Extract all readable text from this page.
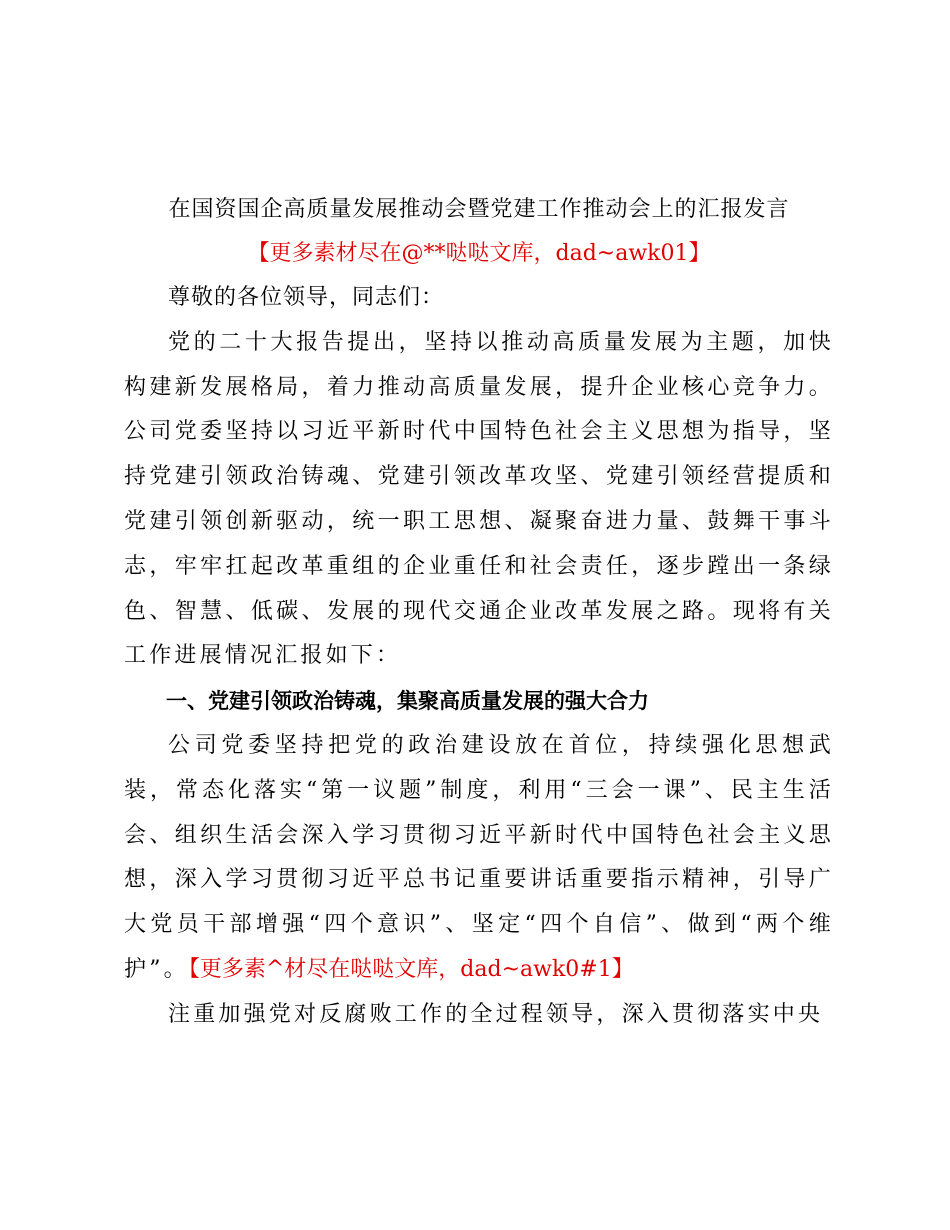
在国资国企高质量发展推动会暨党建工作推动会上的汇报发言
【更多素材尽在@**哒哒文库，dad~awk01】

尊敬的各位领导，同志们：

党的二十大报告提出，坚持以推动高质量发展为主题，加快构建新发展格局，着力推动高质量发展，提升企业核心竞争力。公司党委坚持以习近平新时代中国特色社会主义思想为指导，坚持党建引领政治铸魂、党建引领改革攻坚、党建引领经营提质和党建引领创新驱动，统一职工思想、凝聚奋进力量、鼓舞干事斗志，牢牢扛起改革重组的企业重任和社会责任，逐步蹚出一条绿色、智慧、低碳、发展的现代交通企业改革发展之路。现将有关工作进展情况汇报如下：

一、党建引领政治铸魂，集聚高质量发展的强大合力

公司党委坚持把党的政治建设放在首位，持续强化思想武装，常态化落实“第一议题”制度，利用“三会一课”、民主生活会、组织生活会深入学习贯彻习近平新时代中国特色社会主义思想，深入学习贯彻习近平总书记重要讲话重要指示精神，引导广大党员干部增强“四个意识”、坚定“四个自信”、做到“两个维护”。【更多素^材尽在哒哒文库，dad~awk0#1】

注重加强党对反腐败工作的全过程领导，深入贯彻落实中央
